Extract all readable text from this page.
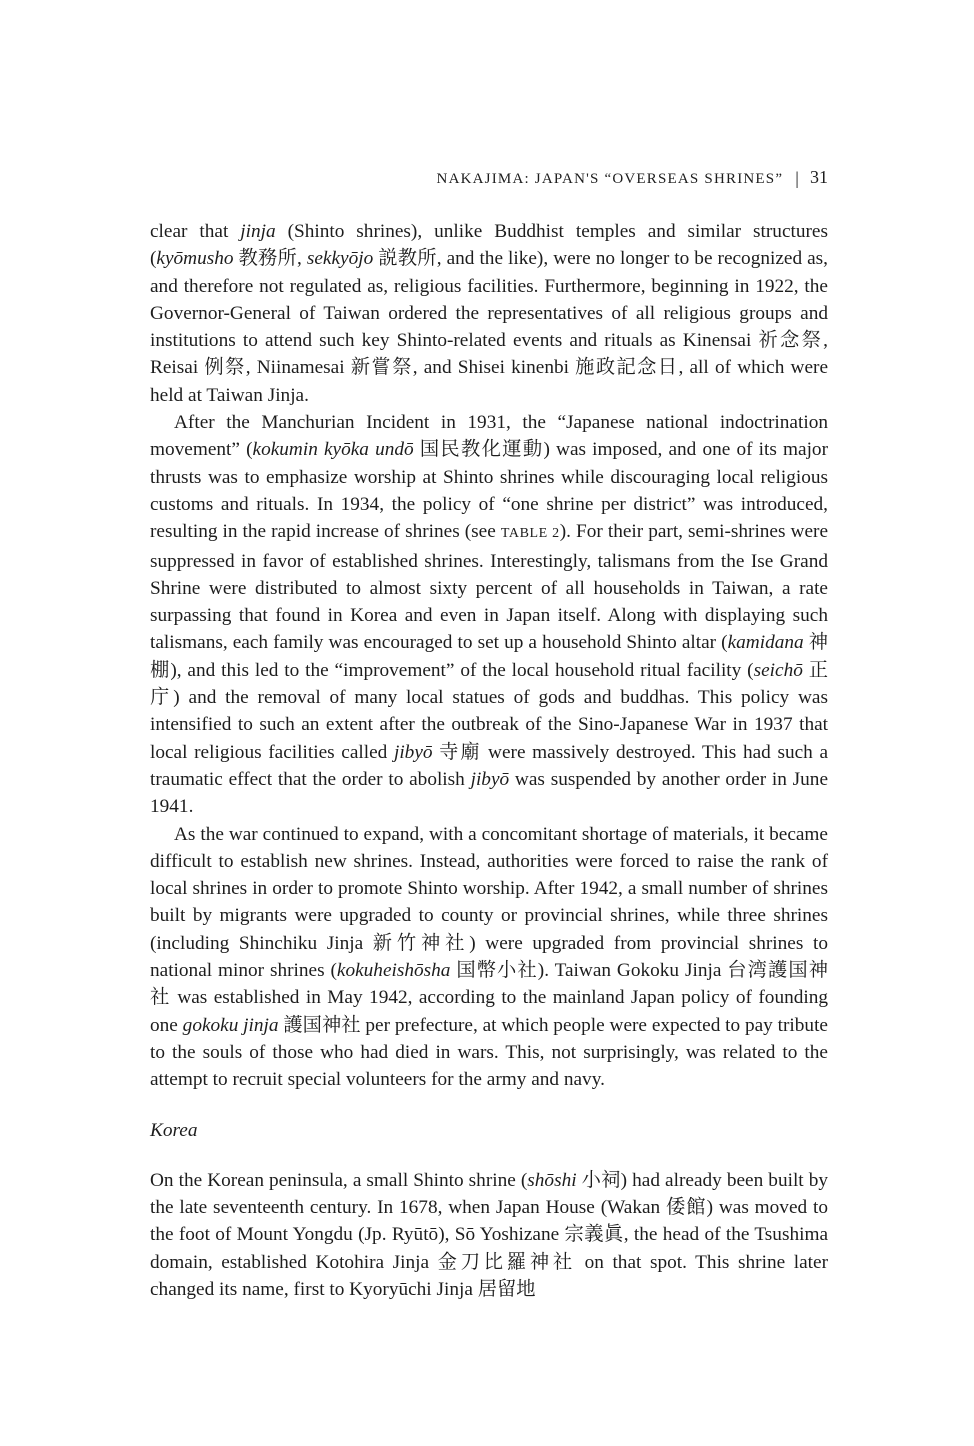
NAKAJIMA: JAPAN'S “OVERSEAS SHRINES” | 31

clear that jinja (Shinto shrines), unlike Buddhist temples and similar structures (kyōmusho 教務所, sekkyōjo 説教所, and the like), were no longer to be recognized as, and therefore not regulated as, religious facilities. Furthermore, beginning in 1922, the Governor-General of Taiwan ordered the representatives of all religious groups and institutions to attend such key Shinto-related events and rituals as Kinensai 祈念祭, Reisai 例祭, Niinamesai 新嘗祭, and Shisei kinenbi 施政記念日, all of which were held at Taiwan Jinja.

After the Manchurian Incident in 1931, the “Japanese national indoctrination movement” (kokumin kyōka undō 国民教化運動) was imposed, and one of its major thrusts was to emphasize worship at Shinto shrines while discouraging local religious customs and rituals. In 1934, the policy of “one shrine per district” was introduced, resulting in the rapid increase of shrines (see TABLE 2). For their part, semi-shrines were suppressed in favor of established shrines. Interestingly, talismans from the Ise Grand Shrine were distributed to almost sixty percent of all households in Taiwan, a rate surpassing that found in Korea and even in Japan itself. Along with displaying such talismans, each family was encouraged to set up a household Shinto altar (kamidana 神棚), and this led to the “improvement” of the local household ritual facility (seichō 正庁) and the removal of many local statues of gods and buddhas. This policy was intensified to such an extent after the outbreak of the Sino-Japanese War in 1937 that local religious facilities called jibyō 寺廟 were massively destroyed. This had such a traumatic effect that the order to abolish jibyō was suspended by another order in June 1941.

As the war continued to expand, with a concomitant shortage of materials, it became difficult to establish new shrines. Instead, authorities were forced to raise the rank of local shrines in order to promote Shinto worship. After 1942, a small number of shrines built by migrants were upgraded to county or provincial shrines, while three shrines (including Shinchiku Jinja 新竹神社) were upgraded from provincial shrines to national minor shrines (kokuheishōsha 国幣小社). Taiwan Gokoku Jinja 台湾護国神社 was established in May 1942, according to the mainland Japan policy of founding one gokoku jinja 護国神社 per prefecture, at which people were expected to pay tribute to the souls of those who had died in wars. This, not surprisingly, was related to the attempt to recruit special volunteers for the army and navy.

Korea

On the Korean peninsula, a small Shinto shrine (shōshi 小祠) had already been built by the late seventeenth century. In 1678, when Japan House (Wakan 倭館) was moved to the foot of Mount Yongdu (Jp. Ryūtō), Sō Yoshizane 宗義眞, the head of the Tsushima domain, established Kotohira Jinja 金刀比羅神社 on that spot. This shrine later changed its name, first to Kyoryūchi Jinja 居留地
